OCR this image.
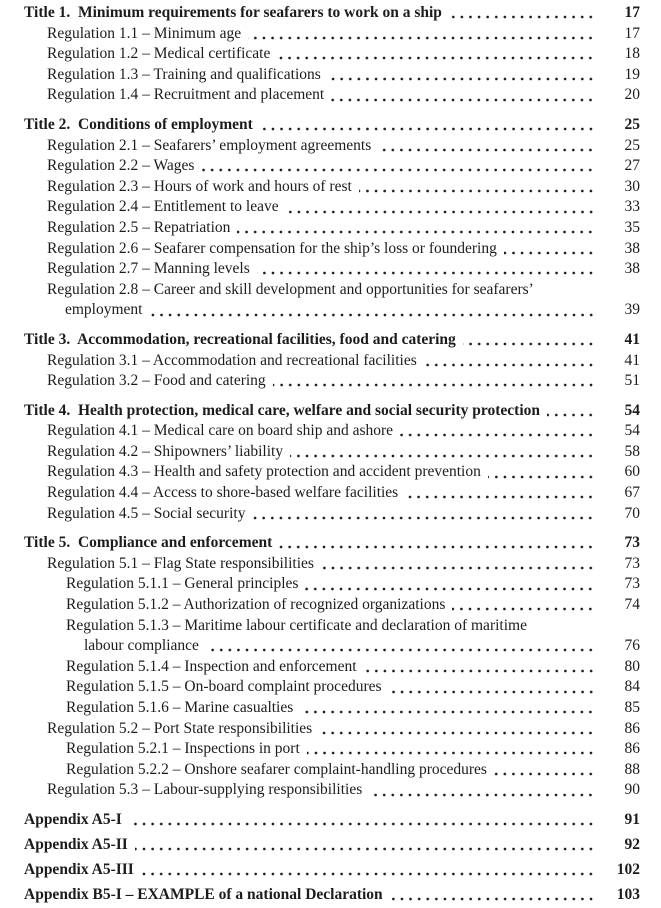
Title 1.  Minimum requirements for seafarers to work on a ship	17
Regulation 1.1 – Minimum age	17
Regulation 1.2 – Medical certificate	18
Regulation 1.3 – Training and qualifications	19
Regulation 1.4 – Recruitment and placement	20
Title 2.  Conditions of employment	25
Regulation 2.1 – Seafarers’ employment agreements	25
Regulation 2.2 – Wages	27
Regulation 2.3 – Hours of work and hours of rest	30
Regulation 2.4 – Entitlement to leave	33
Regulation 2.5 – Repatriation	35
Regulation 2.6 – Seafarer compensation for the ship’s loss or foundering	38
Regulation 2.7 – Manning levels	38
Regulation 2.8 – Career and skill development and opportunities for seafarers’
employment	39
Title 3.  Accommodation, recreational facilities, food and catering	41
Regulation 3.1 – Accommodation and recreational facilities	41
Regulation 3.2 – Food and catering	51
Title 4.  Health protection, medical care, welfare and social security protection	54
Regulation 4.1 – Medical care on board ship and ashore	54
Regulation 4.2 – Shipowners’ liability	58
Regulation 4.3 – Health and safety protection and accident prevention	60
Regulation 4.4 – Access to shore-based welfare facilities	67
Regulation 4.5 – Social security	70
Title 5.  Compliance and enforcement	73
Regulation 5.1 – Flag State responsibilities	73
Regulation 5.1.1 – General principles	73
Regulation 5.1.2 – Authorization of recognized organizations	74
Regulation 5.1.3 – Maritime labour certificate and declaration of maritime
labour compliance	76
Regulation 5.1.4 – Inspection and enforcement	80
Regulation 5.1.5 – On-board complaint procedures	84
Regulation 5.1.6 – Marine casualties	85
Regulation 5.2 – Port State responsibilities	86
Regulation 5.2.1 – Inspections in port	86
Regulation 5.2.2 – Onshore seafarer complaint-handling procedures	88
Regulation 5.3 – Labour-supplying responsibilities	90
Appendix A5-I	91
Appendix A5-II	92
Appendix A5-III	102
Appendix B5-I – EXAMPLE of a national Declaration	103
